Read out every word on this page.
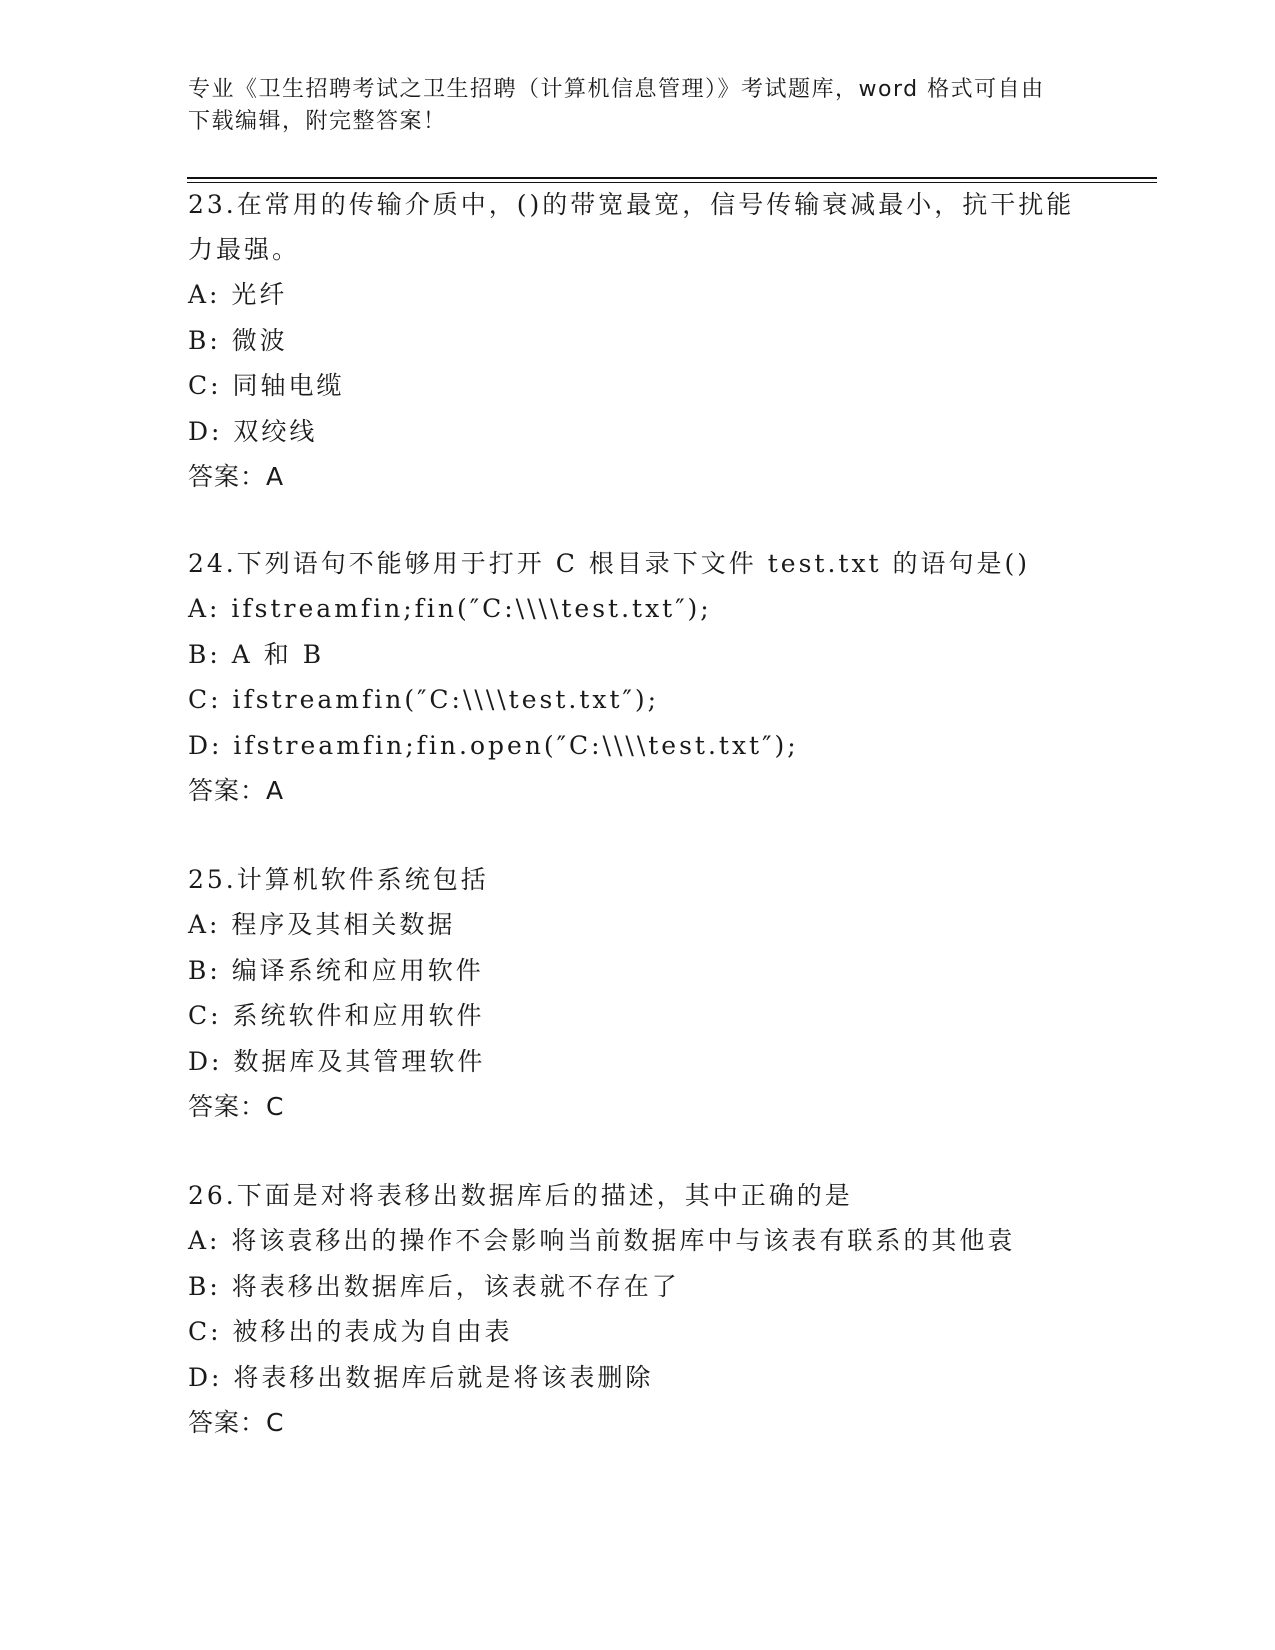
专业《卫生招聘考试之卫生招聘（计算机信息管理）》考试题库，word 格式可自由下载编辑，附完整答案！

23.在常用的传输介质中，()的带宽最宽，信号传输衰减最小，抗干扰能力最强。

A: 光纤

B: 微波

C: 同轴电缆

D: 双绞线

答案：A

24.下列语句不能够用于打开 C 根目录下文件 test.txt 的语句是()

A: ifstreamfin;fin(″C:\\\\test.txt″);

B: A 和 B

C: ifstreamfin(″C:\\\\test.txt″);

D: ifstreamfin;fin.open(″C:\\\\test.txt″);

答案：A

25.计算机软件系统包括

A: 程序及其相关数据

B: 编译系统和应用软件

C: 系统软件和应用软件

D: 数据库及其管理软件

答案：C

26.下面是对将表移出数据库后的描述，其中正确的是

A: 将该袁移出的操作不会影响当前数据库中与该表有联系的其他袁

B: 将表移出数据库后，该表就不存在了

C: 被移出的表成为自由表

D: 将表移出数据库后就是将该表删除

答案：C
